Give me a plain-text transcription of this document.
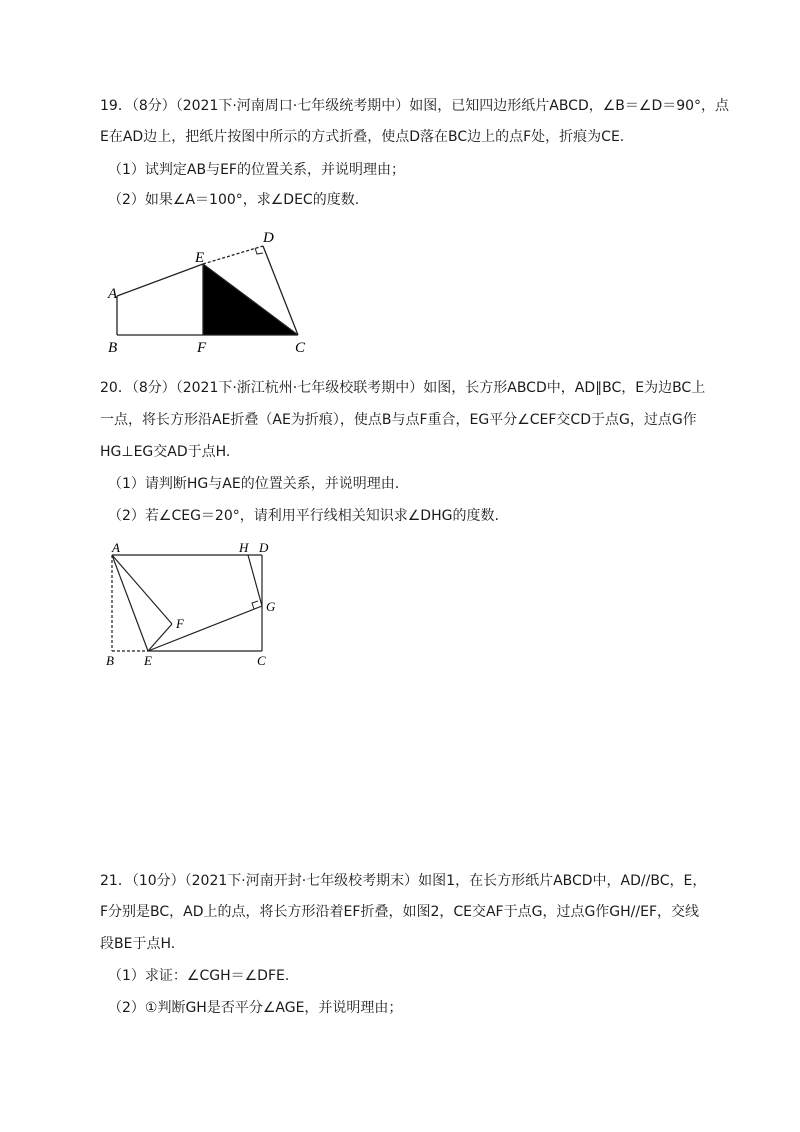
19．（8分）（2021下·河南周口·七年级统考期中）如图，已知四边形纸片ABCD，∠B＝∠D＝90°，点
E在AD边上，把纸片按图中所示的方式折叠，使点D落在BC边上的点F处，折痕为CE.
（1）试判定AB与EF的位置关系，并说明理由；
（2）如果∠A＝100°，求∠DEC的度数.
A
B	F	C
E
D
20．（8分）（2021下·浙江杭州·七年级校联考期中）如图，长方形ABCD中，AD∥BC，E为边BC上
一点，将长方形沿AE折叠（AE为折痕），使点B与点F重合，EG平分∠CEF交CD于点G，过点G作
HG⊥EG交AD于点H.
（1）请判断HG与AE的位置关系，并说明理由.
（2）若∠CEG＝20°，请利用平行线相关知识求∠DHG的度数.
A	H D
F
G
B E	C
21．（10分）（2021下·河南开封·七年级校考期末）如图1，在长方形纸片ABCD中，AD//BC，E，
F分别是BC，AD上的点，将长方形沿着EF折叠，如图2，CE交AF于点G，过点G作GH//EF，交线
段BE于点H.
（1）求证：∠CGH＝∠DFE.
（2）①判断GH是否平分∠AGE，并说明理由；
